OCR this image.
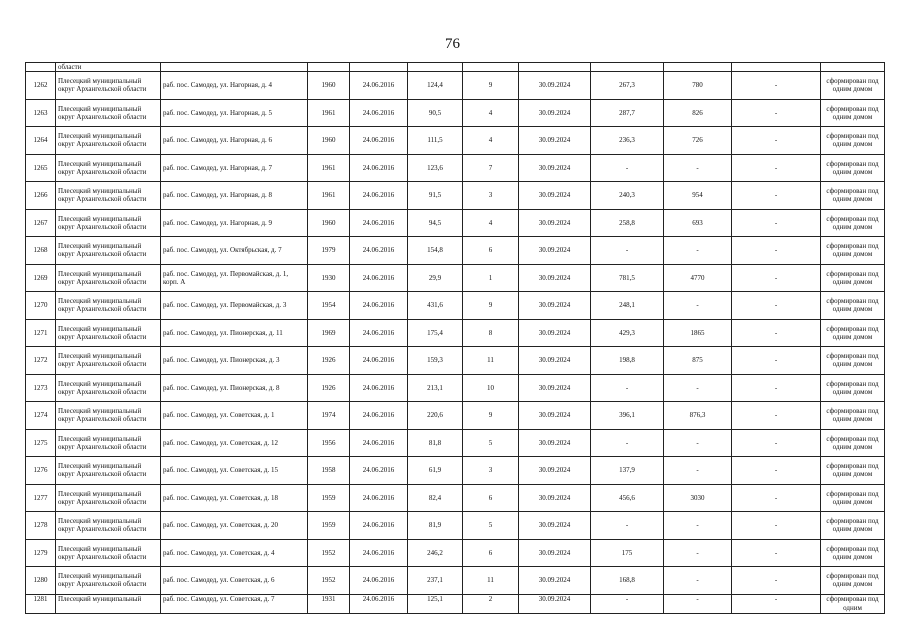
76
	области										
1262	Плесецкий муниципальный округ Архангельской области	раб. пос. Самодед, ул. Нагорная, д. 4	1960	24.06.2016	124,4	9	30.09.2024	267,3	780	-	сформирован под одним домом
1263	Плесецкий муниципальный округ Архангельской области	раб. пос. Самодед, ул. Нагорная, д. 5	1961	24.06.2016	90,5	4	30.09.2024	287,7	826	-	сформирован под одним домом
1264	Плесецкий муниципальный округ Архангельской области	раб. пос. Самодед, ул. Нагорная, д. 6	1960	24.06.2016	111,5	4	30.09.2024	236,3	726	-	сформирован под одним домом
1265	Плесецкий муниципальный округ Архангельской области	раб. пос. Самодед, ул. Нагорная, д. 7	1961	24.06.2016	123,6	7	30.09.2024	-	-	-	сформирован под одним домом
1266	Плесецкий муниципальный округ Архангельской области	раб. пос. Самодед, ул. Нагорная, д. 8	1961	24.06.2016	91,5	3	30.09.2024	240,3	954	-	сформирован под одним домом
1267	Плесецкий муниципальный округ Архангельской области	раб. пос. Самодед, ул. Нагорная, д. 9	1960	24.06.2016	94,5	4	30.09.2024	258,8	693	-	сформирован под одним домом
1268	Плесецкий муниципальный округ Архангельской области	раб. пос. Самодед, ул. Октябрьская, д. 7	1979	24.06.2016	154,8	6	30.09.2024	-	-	-	сформирован под одним домом
1269	Плесецкий муниципальный округ Архангельской области	раб. пос. Самодед, ул. Первомайская, д. 1, корп. А	1930	24.06.2016	29,9	1	30.09.2024	781,5	4770	-	сформирован под одним домом
1270	Плесецкий муниципальный округ Архангельской области	раб. пос. Самодед, ул. Первомайская, д. 3	1954	24.06.2016	431,6	9	30.09.2024	248,1	-	-	сформирован под одним домом
1271	Плесецкий муниципальный округ Архангельской области	раб. пос. Самодед, ул. Пионерская, д. 11	1969	24.06.2016	175,4	8	30.09.2024	429,3	1865	-	сформирован под одним домом
1272	Плесецкий муниципальный округ Архангельской области	раб. пос. Самодед, ул. Пионерская, д. 3	1926	24.06.2016	159,3	11	30.09.2024	198,8	875	-	сформирован под одним домом
1273	Плесецкий муниципальный округ Архангельской области	раб. пос. Самодед, ул. Пионерская, д. 8	1926	24.06.2016	213,1	10	30.09.2024	-	-	-	сформирован под одним домом
1274	Плесецкий муниципальный округ Архангельской области	раб. пос. Самодед, ул. Советская, д. 1	1974	24.06.2016	220,6	9	30.09.2024	396,1	876,3	-	сформирован под одним домом
1275	Плесецкий муниципальный округ Архангельской области	раб. пос. Самодед, ул. Советская, д. 12	1956	24.06.2016	81,8	5	30.09.2024	-	-	-	сформирован под одним домом
1276	Плесецкий муниципальный округ Архангельской области	раб. пос. Самодед, ул. Советская, д. 15	1958	24.06.2016	61,9	3	30.09.2024	137,9	-	-	сформирован под одним домом
1277	Плесецкий муниципальный округ Архангельской области	раб. пос. Самодед, ул. Советская, д. 18	1959	24.06.2016	82,4	6	30.09.2024	456,6	3030	-	сформирован под одним домом
1278	Плесецкий муниципальный округ Архангельской области	раб. пос. Самодед, ул. Советская, д. 20	1959	24.06.2016	81,9	5	30.09.2024	-	-	-	сформирован под одним домом
1279	Плесецкий муниципальный округ Архангельской области	раб. пос. Самодед, ул. Советская, д. 4	1952	24.06.2016	246,2	6	30.09.2024	175	-	-	сформирован под одним домом
1280	Плесецкий муниципальный округ Архангельской области	раб. пос. Самодед, ул. Советская, д. 6	1952	24.06.2016	237,1	11	30.09.2024	168,8	-	-	сформирован под одним домом
1281	Плесецкий муниципальный	раб. пос. Самодед, ул. Советская, д. 7	1931	24.06.2016	125,1	2	30.09.2024	-	-	-	сформирован под одним
